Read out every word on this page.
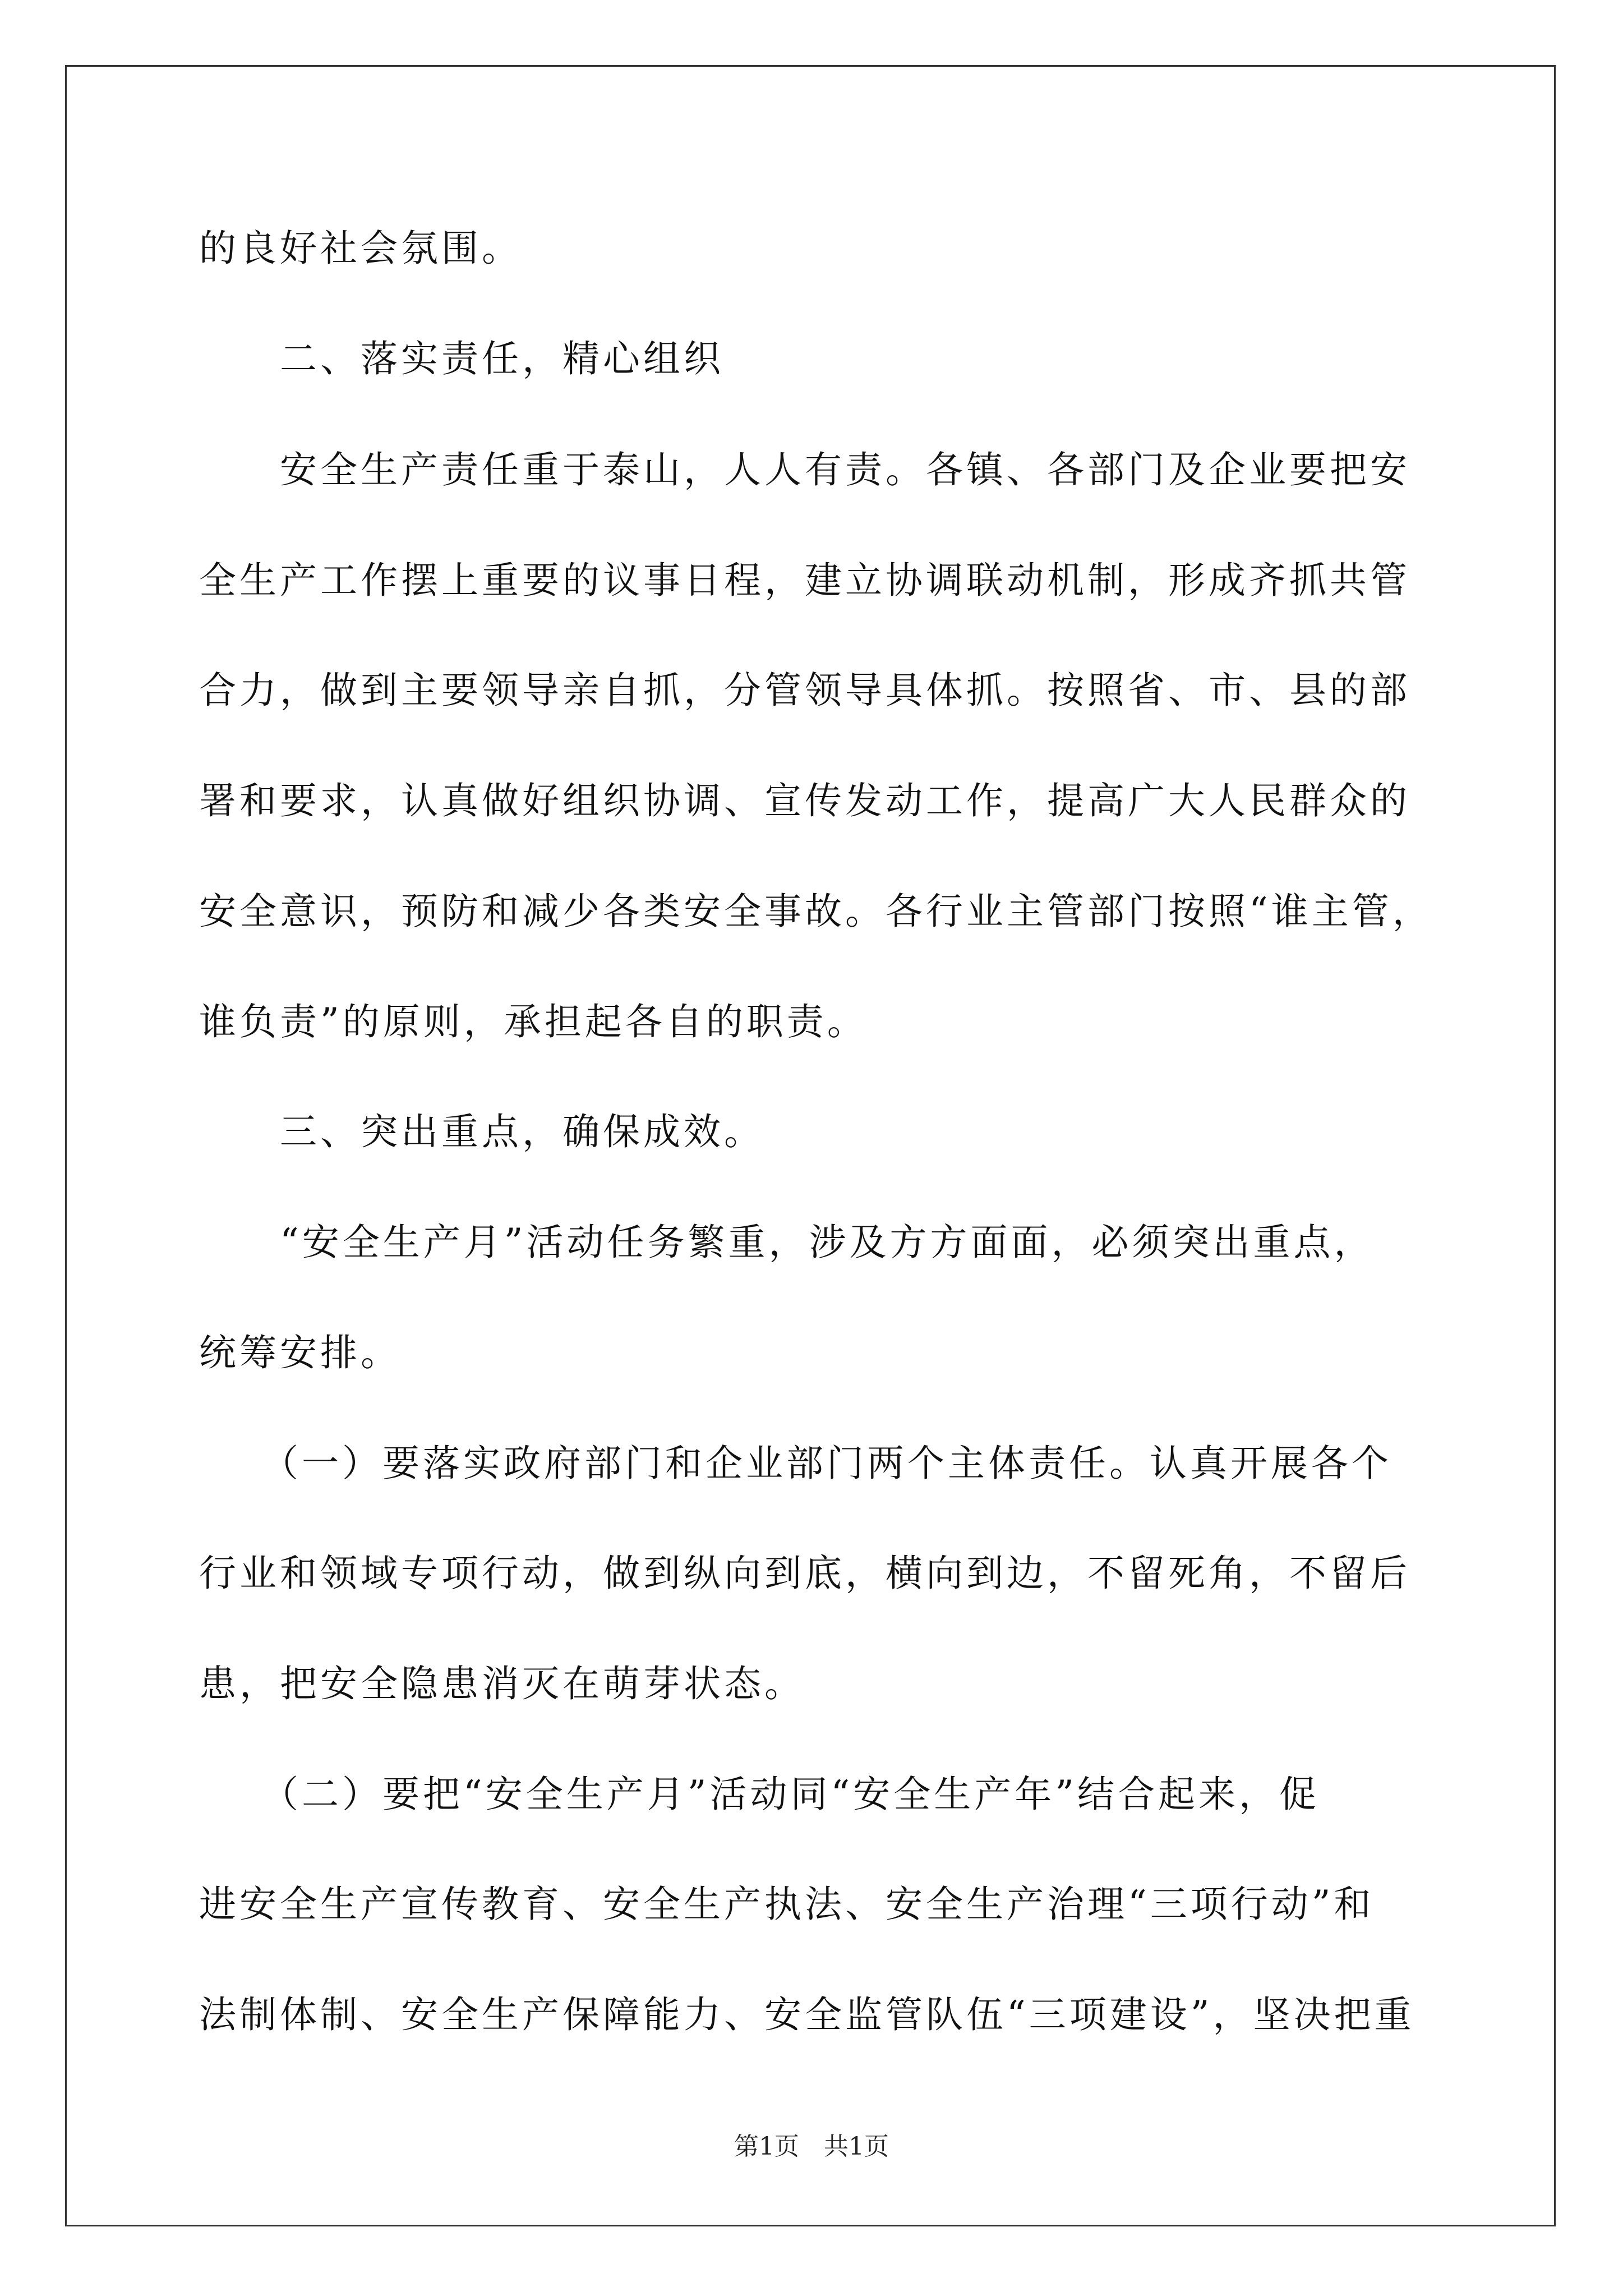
的良好社会氛围。
　　二、落实责任，精心组织
　　安全生产责任重于泰山，人人有责。各镇、各部门及企业要把安
全生产工作摆上重要的议事日程，建立协调联动机制，形成齐抓共管
合力，做到主要领导亲自抓，分管领导具体抓。按照省、市、县的部
署和要求，认真做好组织协调、宣传发动工作，提高广大人民群众的
安全意识，预防和减少各类安全事故。各行业主管部门按照“谁主管，
谁负责”的原则，承担起各自的职责。
　　三、突出重点，确保成效。
　　“安全生产月”活动任务繁重，涉及方方面面，必须突出重点，
统筹安排。
　　（一）要落实政府部门和企业部门两个主体责任。认真开展各个
行业和领域专项行动，做到纵向到底，横向到边，不留死角，不留后
患，把安全隐患消灭在萌芽状态。
　　（二）要把“安全生产月”活动同“安全生产年”结合起来，促
进安全生产宣传教育、安全生产执法、安全生产治理“三项行动”和
法制体制、安全生产保障能力、安全监管队伍“三项建设”，坚决把重
第1页　共1页
